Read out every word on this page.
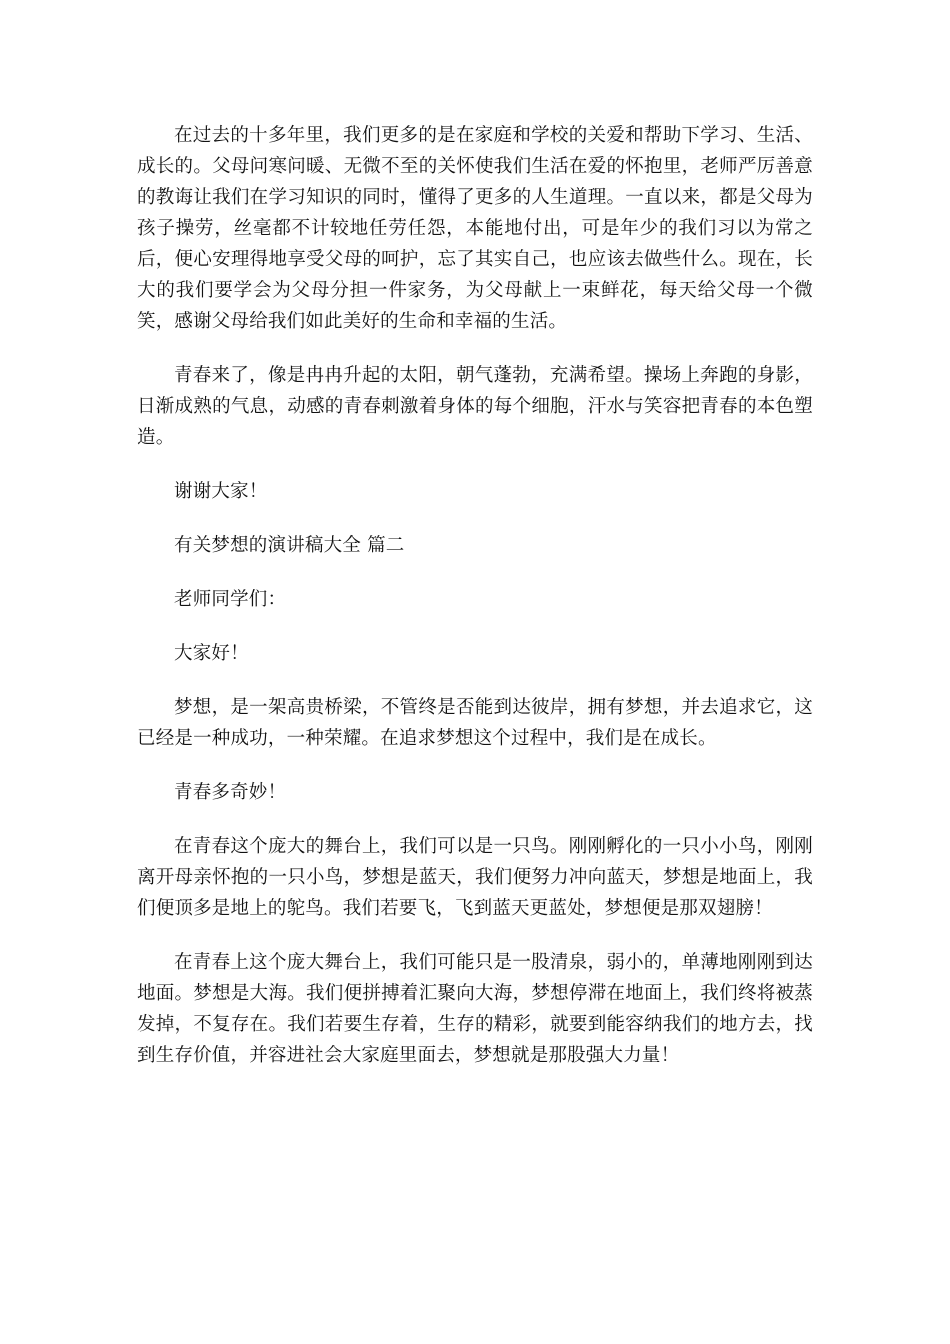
在过去的十多年里，我们更多的是在家庭和学校的关爱和帮助下学习、生活、成长的。父母问寒问暖、无微不至的关怀使我们生活在爱的怀抱里，老师严厉善意的教诲让我们在学习知识的同时，懂得了更多的人生道理。一直以来，都是父母为孩子操劳，丝毫都不计较地任劳任怨，本能地付出，可是年少的我们习以为常之后，便心安理得地享受父母的呵护，忘了其实自己，也应该去做些什么。现在，长大的我们要学会为父母分担一件家务，为父母献上一束鲜花，每天给父母一个微笑，感谢父母给我们如此美好的生命和幸福的生活。

青春来了，像是冉冉升起的太阳，朝气蓬勃，充满希望。操场上奔跑的身影，日渐成熟的气息，动感的青春刺激着身体的每个细胞，汗水与笑容把青春的本色塑造。

谢谢大家！

有关梦想的演讲稿大全 篇二

老师同学们：

大家好！

梦想，是一架高贵桥梁，不管终是否能到达彼岸，拥有梦想，并去追求它，这已经是一种成功，一种荣耀。在追求梦想这个过程中，我们是在成长。

青春多奇妙！

在青春这个庞大的舞台上，我们可以是一只鸟。刚刚孵化的一只小小鸟，刚刚离开母亲怀抱的一只小鸟，梦想是蓝天，我们便努力冲向蓝天，梦想是地面上，我们便顶多是地上的鸵鸟。我们若要飞，飞到蓝天更蓝处，梦想便是那双翅膀！

在青春上这个庞大舞台上，我们可能只是一股清泉，弱小的，单薄地刚刚到达地面。梦想是大海。我们便拼搏着汇聚向大海，梦想停滞在地面上，我们终将被蒸发掉，不复存在。我们若要生存着，生存的精彩，就要到能容纳我们的地方去，找到生存价值，并容进社会大家庭里面去，梦想就是那股强大力量！
